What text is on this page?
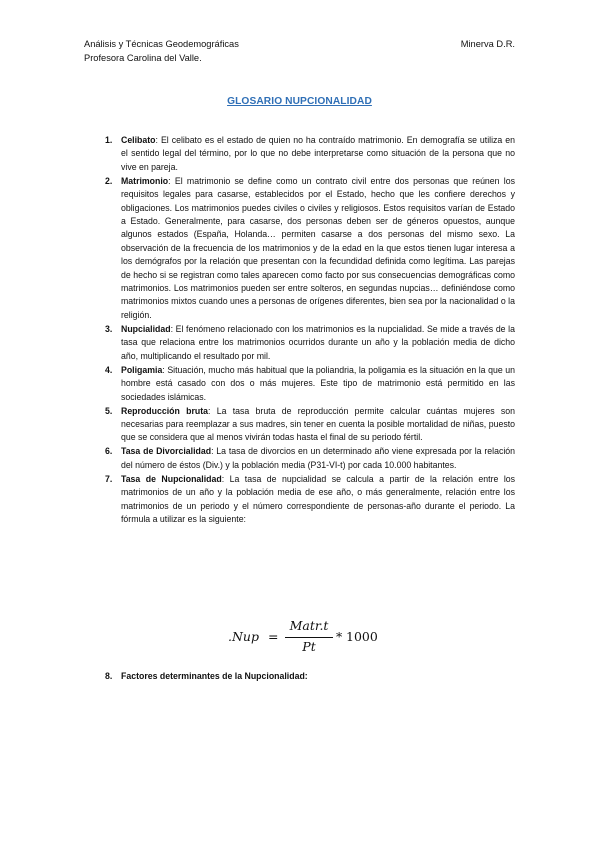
Análisis y Técnicas Geodemográficas
Profesora Carolina del Valle.
Minerva D.R.
GLOSARIO NUPCIONALIDAD
1. Celibato: El celibato es el estado de quien no ha contraído matrimonio. En demografía se utiliza en el sentido legal del término, por lo que no debe interpretarse como situación de la persona que no vive en pareja.
2. Matrimonio: El matrimonio se define como un contrato civil entre dos personas que reúnen los requisitos legales para casarse, establecidos por el Estado, hecho que les confiere derechos y obligaciones. Los matrimonios puedes civiles o civiles y religiosos. Estos requisitos varían de Estado a Estado. Generalmente, para casarse, dos personas deben ser de géneros opuestos, aunque algunos estados (España, Holanda… permiten casarse a dos personas del mismo sexo. La observación de la frecuencia de los matrimonios y de la edad en la que estos tienen lugar interesa a los demógrafos por la relación que presentan con la fecundidad definida como legítima. Las parejas de hecho si se registran como tales aparecen como facto por sus consecuencias demográficas como matrimonios. Los matrimonios pueden ser entre solteros, en segundas nupcias… definiéndose como matrimonios mixtos cuando unes a personas de orígenes diferentes, bien sea por la nacionalidad o la religión.
3. Nupcialidad: El fenómeno relacionado con los matrimonios es la nupcialidad. Se mide a través de la tasa que relaciona entre los matrimonios ocurridos durante un año y la población media de dicho año, multiplicando el resultado por mil.
4. Poligamia: Situación, mucho más habitual que la poliandria, la poligamia es la situación en la que un hombre está casado con dos o más mujeres. Este tipo de matrimonio está permitido en las sociedades islámicas.
5. Reproducción bruta: La tasa bruta de reproducción permite calcular cuántas mujeres son necesarias para reemplazar a sus madres, sin tener en cuenta la posible mortalidad de niñas, puesto que se considera que al menos vivirán todas hasta el final de su periodo fértil.
6. Tasa de Divorcialidad: La tasa de divorcios en un determinado año viene expresada por la relación del número de éstos (Div.) y la población media (P31-VI-t) por cada 10.000 habitantes.
7. Tasa de Nupcionalidad: La tasa de nupcialidad se calcula a partir de la relación entre los matrimonios de un año y la población media de ese año, o más generalmente, relación entre los matrimonios de un periodo y el número correspondiente de personas-año durante el periodo. La fórmula a utilizar es la siguiente:
.Nup =
Matr.t
Pt
* 1000
8. Factores determinantes de la Nupcionalidad:
